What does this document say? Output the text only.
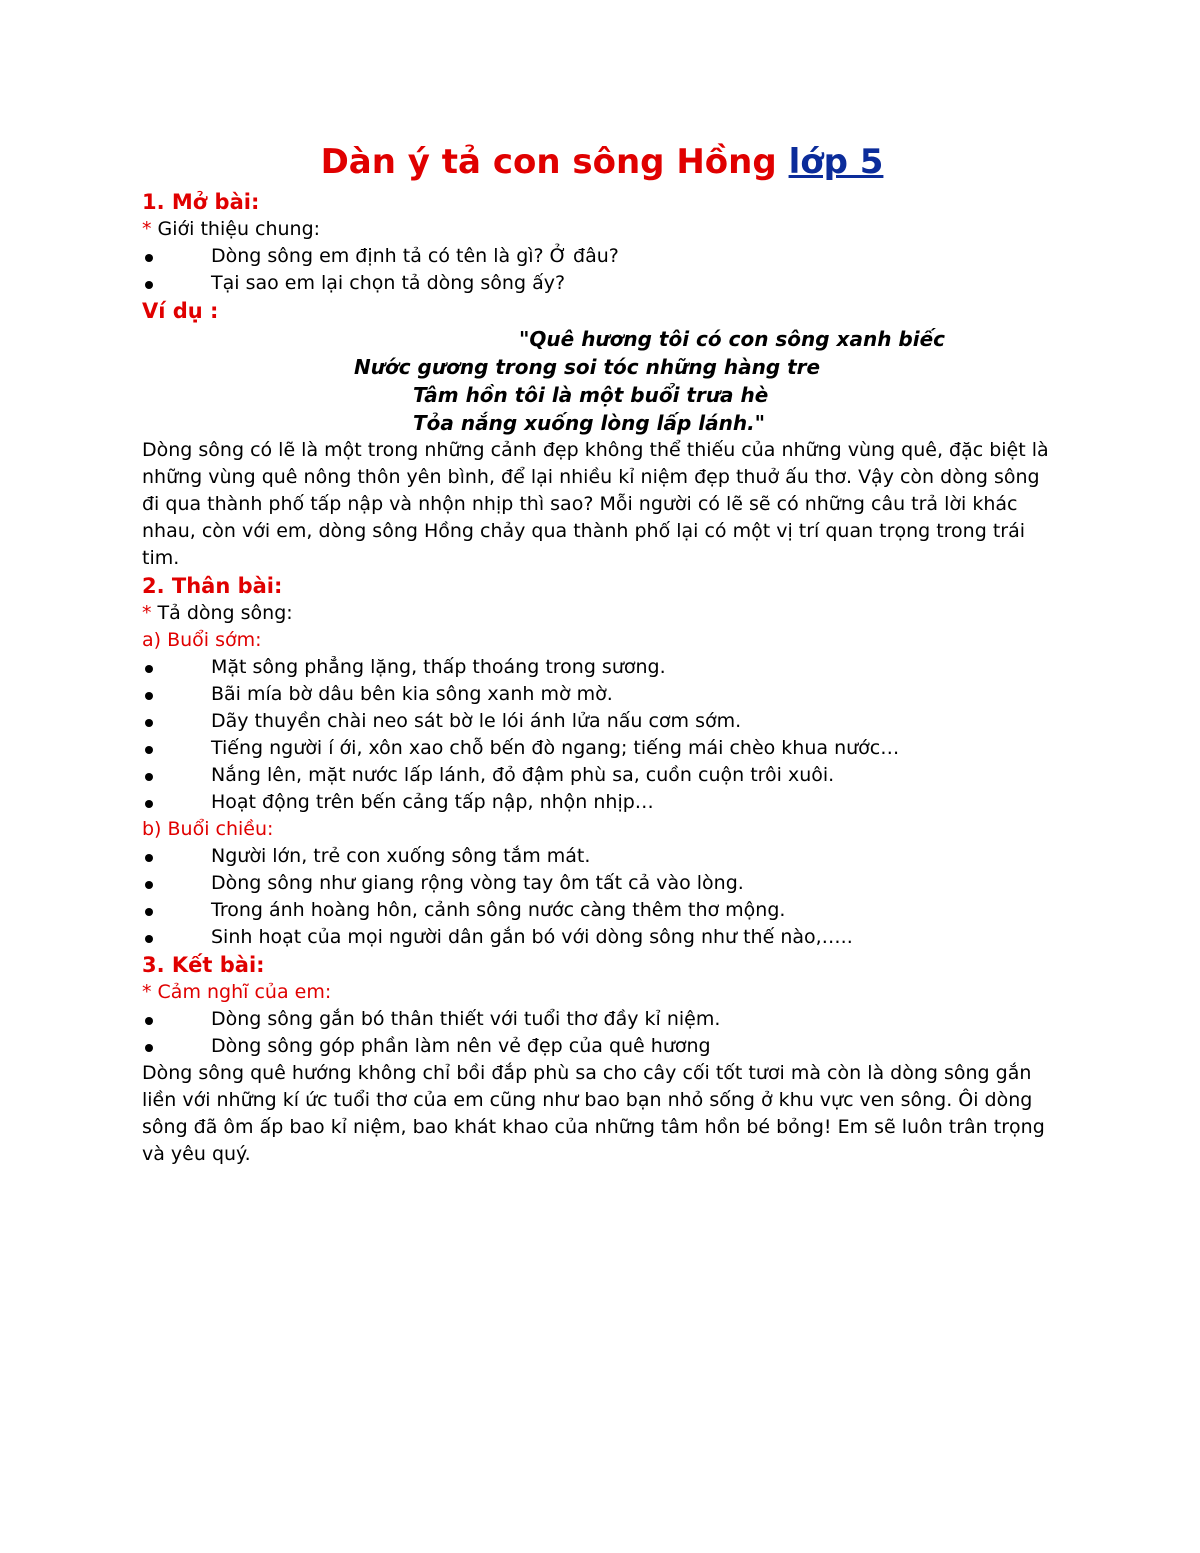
Dàn ý tả con sông Hồng lớp 5

1. Mở bài:

* Giới thiệu chung:

Dòng sông em định tả có tên là gì? Ở đâu?
Tại sao em lại chọn tả dòng sông ấy?

Ví dụ :

"Quê hương tôi có con sông xanh biếc
Nước gương trong soi tóc những hàng tre
Tâm hồn tôi là một buổi trưa hè
Tỏa nắng xuống lòng lấp lánh."

Dòng sông có lẽ là một trong những cảnh đẹp không thể thiếu của những vùng quê, đặc biệt là những vùng quê nông thôn yên bình, để lại nhiều kỉ niệm đẹp thuở ấu thơ. Vậy còn dòng sông đi qua thành phố tấp nập và nhộn nhịp thì sao? Mỗi người có lẽ sẽ có những câu trả lời khác nhau, còn với em, dòng sông Hồng chảy qua thành phố lại có một vị trí quan trọng trong trái tim.

2. Thân bài:

* Tả dòng sông:

a) Buổi sớm:

Mặt sông phẳng lặng, thấp thoáng trong sương.
Bãi mía bờ dâu bên kia sông xanh mờ mờ.
Dãy thuyền chài neo sát bờ le lói ánh lửa nấu cơm sớm.
Tiếng người í ới, xôn xao chỗ bến đò ngang; tiếng mái chèo khua nước…
Nắng lên, mặt nước lấp lánh, đỏ đậm phù sa, cuồn cuộn trôi xuôi.
Hoạt động trên bến cảng tấp nập, nhộn nhịp…

b) Buổi chiều:

Người lớn, trẻ con xuống sông tắm mát.
Dòng sông như giang rộng vòng tay ôm tất cả vào lòng.
Trong ánh hoàng hôn, cảnh sông nước càng thêm thơ mộng.
Sinh hoạt của mọi người dân gắn bó với dòng sông như thế nào,…..

3. Kết bài:

* Cảm nghĩ của em:

Dòng sông gắn bó thân thiết với tuổi thơ đầy kỉ niệm.
Dòng sông góp phần làm nên vẻ đẹp của quê hương

Dòng sông quê hướng không chỉ bồi đắp phù sa cho cây cối tốt tươi mà còn là dòng sông gắn liền với những kí ức tuổi thơ của em cũng như bao bạn nhỏ sống ở khu vực ven sông. Ôi dòng sông đã ôm ấp bao kỉ niệm, bao khát khao của những tâm hồn bé bỏng! Em sẽ luôn trân trọng và yêu quý.
